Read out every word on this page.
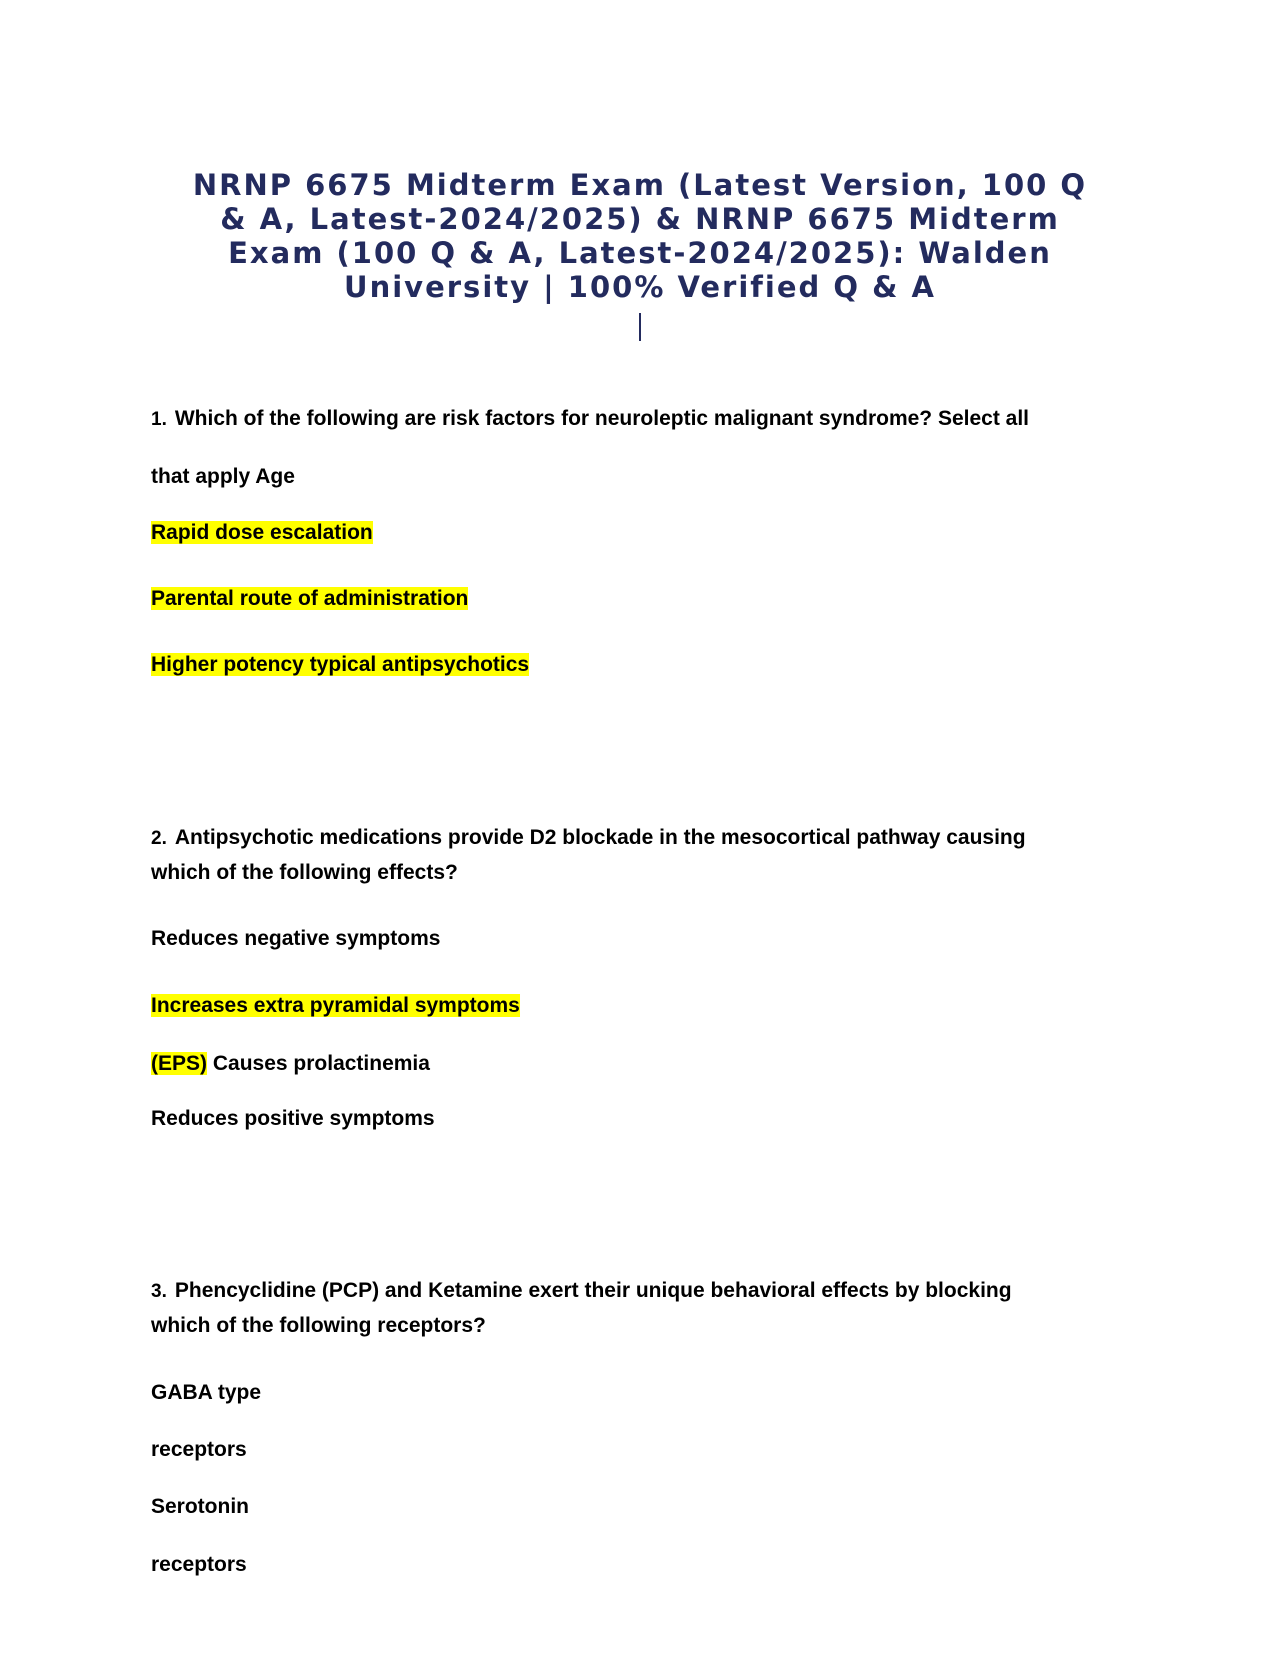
NRNP 6675 Midterm Exam (Latest Version, 100 Q
& A, Latest-2024/2025) & NRNP 6675 Midterm
Exam (100 Q & A, Latest-2024/2025): Walden
University | 100% Verified Q & A
1. Which of the following are risk factors for neuroleptic malignant syndrome? Select all
that apply Age
Rapid dose escalation
Parental route of administration
Higher potency typical antipsychotics
2. Antipsychotic medications provide D2 blockade in the mesocortical pathway causing
which of the following effects?
Reduces negative symptoms
Increases extra pyramidal symptoms
(EPS) Causes prolactinemia
Reduces positive symptoms
3. Phencyclidine (PCP) and Ketamine exert their unique behavioral effects by blocking
which of the following receptors?
GABA type
receptors
Serotonin
receptors
